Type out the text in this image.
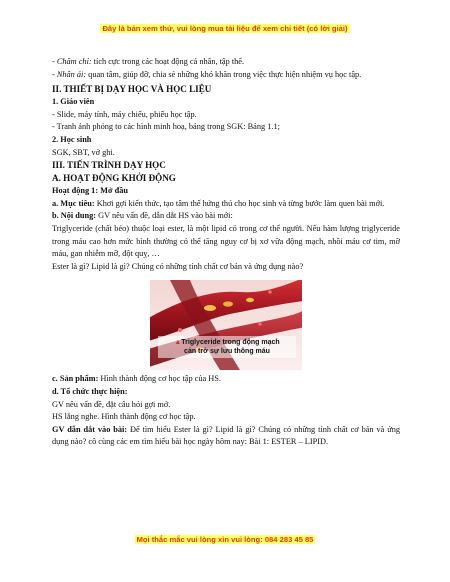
Đây là bản xem thử, vui lòng mua tài liệu để xem chi tiết (có lời giải)

- Chăm chỉ: tích cực trong các hoạt động cá nhân, tập thể.

- Nhân ái: quan tâm, giúp đỡ, chia sẻ những khó khăn trong việc thực hiện nhiệm vụ học tập.

II. THIẾT BỊ DẠY HỌC VÀ HỌC LIỆU

1. Giáo viên

- Slide, máy tính, máy chiếu, phiếu học tập.

- Tranh ảnh phóng to các hình minh hoạ, bảng trong SGK: Bảng 1.1;

2. Học sinh

SGK, SBT, vở ghi.

III. TIẾN TRÌNH DẠY HỌC

A. HOẠT ĐỘNG KHỞI ĐỘNG

Hoạt động 1: Mở đầu

a. Mục tiêu: Khơi gợi kiến thức, tạo tâm thế hứng thú cho học sinh và từng bước làm quen bài mới.

b. Nội dung: GV nêu vấn đề, dẫn dắt HS vào bài mới:

Triglyceride (chất béo) thuộc loại ester, là một lipid có trong cơ thể người. Nếu hàm lượng triglyceride trong máu cao hơn mức bình thường có thể tăng nguy cơ bị xơ vữa động mạch, nhồi máu cơ tim, mỡ máu, gan nhiễm mỡ, đột quỵ, …

Ester là gì? Lipid là gì? Chúng có những tính chất cơ bản và ứng dụng nào?

▲Triglyceride trong động mạch
cản trở sự lưu thông máu

c. Sản phẩm: Hình thành động cơ học tập của HS.

d. Tổ chức thực hiện:

GV nêu vấn đề, đặt câu hỏi gợi mở.

HS lắng nghe. Hình thành động cơ học tập.

GV dẫn dắt vào bài: Để tìm hiểu Ester là gì? Lipid là gì? Chúng có những tính chất cơ bản và ứng dụng nào? cô cùng các em tìm hiểu bài học ngày hôm nay: Bài 1: ESTER – LIPID.

Mọi thắc mắc vui lòng xin vui lòng: 084 283 45 85
